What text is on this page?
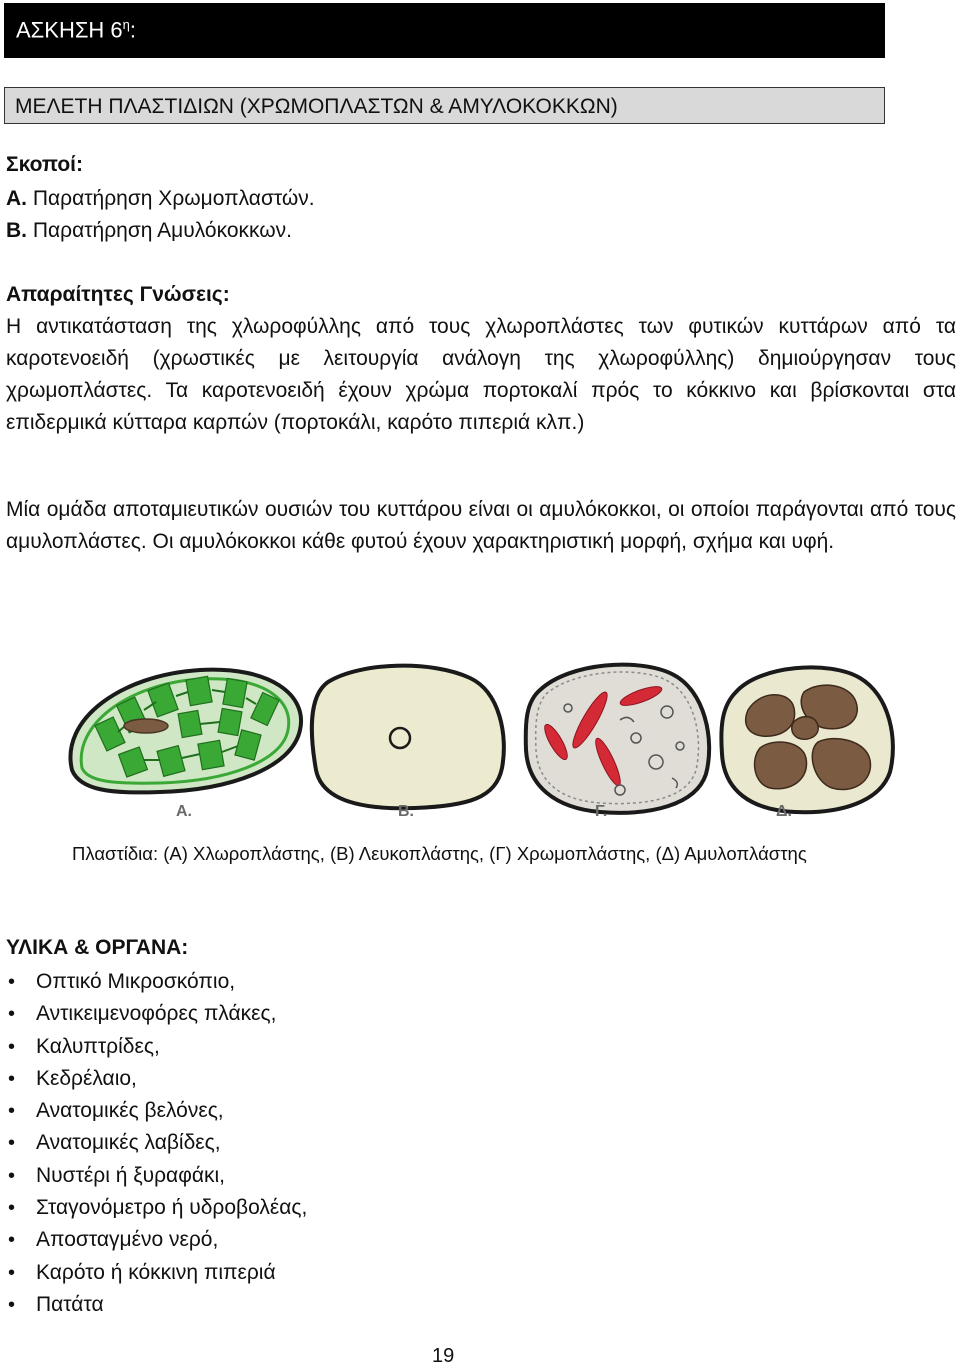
ΑΣΚΗΣΗ $6^\eta$:
ΜΕΛΕΤΗ ΠΛΑΣΤΙΔΙΩΝ (ΧΡΩΜΟΠΛΑΣΤΩΝ & ΑΜΥΛΟΚΟΚΚΩΝ)
Σκοποί:
Α. Παρατήρηση Χρωμοπλαστών.
Β. Παρατήρηση Αμυλόκοκκων.
Απαραίτητες Γνώσεις:
Η αντικατάσταση της χλωροφύλλης από τους χλωροπλάστες των φυτικών κυττάρων από τα καροτενοειδή (χρωστικές με λειτουργία ανάλογη της χλωροφύλλης) δημιούργησαν τους χρωμοπλάστες. Τα καροτενοειδή έχουν χρώμα πορτοκαλί πρός το κόκκινο και βρίσκονται στα επιδερμικά κύτταρα καρπών (πορτοκάλι, καρότο πιπεριά κλπ.)
Μία ομάδα αποταμιευτικών ουσιών του κυττάρου είναι οι αμυλόκοκκοι, οι οποίοι παράγονται από τους αμυλοπλάστες. Οι αμυλόκοκκοι κάθε φυτού έχουν χαρακτηριστική μορφή, σχήμα και υφή.
Α.	Β.	Γ.	Δ.
Πλαστίδια: (Α) Χλωροπλάστης, (Β) Λευκοπλάστης, (Γ) Χρωμοπλάστης, (Δ) Αμυλοπλάστης
ΥΛΙΚΑ & ΟΡΓΑΝΑ:
• Οπτικό Μικροσκόπιο,
• Αντικειμενοφόρες πλάκες,
• Καλυπτρίδες,
• Κεδρέλαιο,
• Ανατομικές βελόνες,
• Ανατομικές λαβίδες,
• Νυστέρι ή ξυραφάκι,
• Σταγονόμετρο ή υδροβολέας,
• Αποσταγμένο νερό,
• Καρότο ή κόκκινη πιπεριά
• Πατάτα
19
